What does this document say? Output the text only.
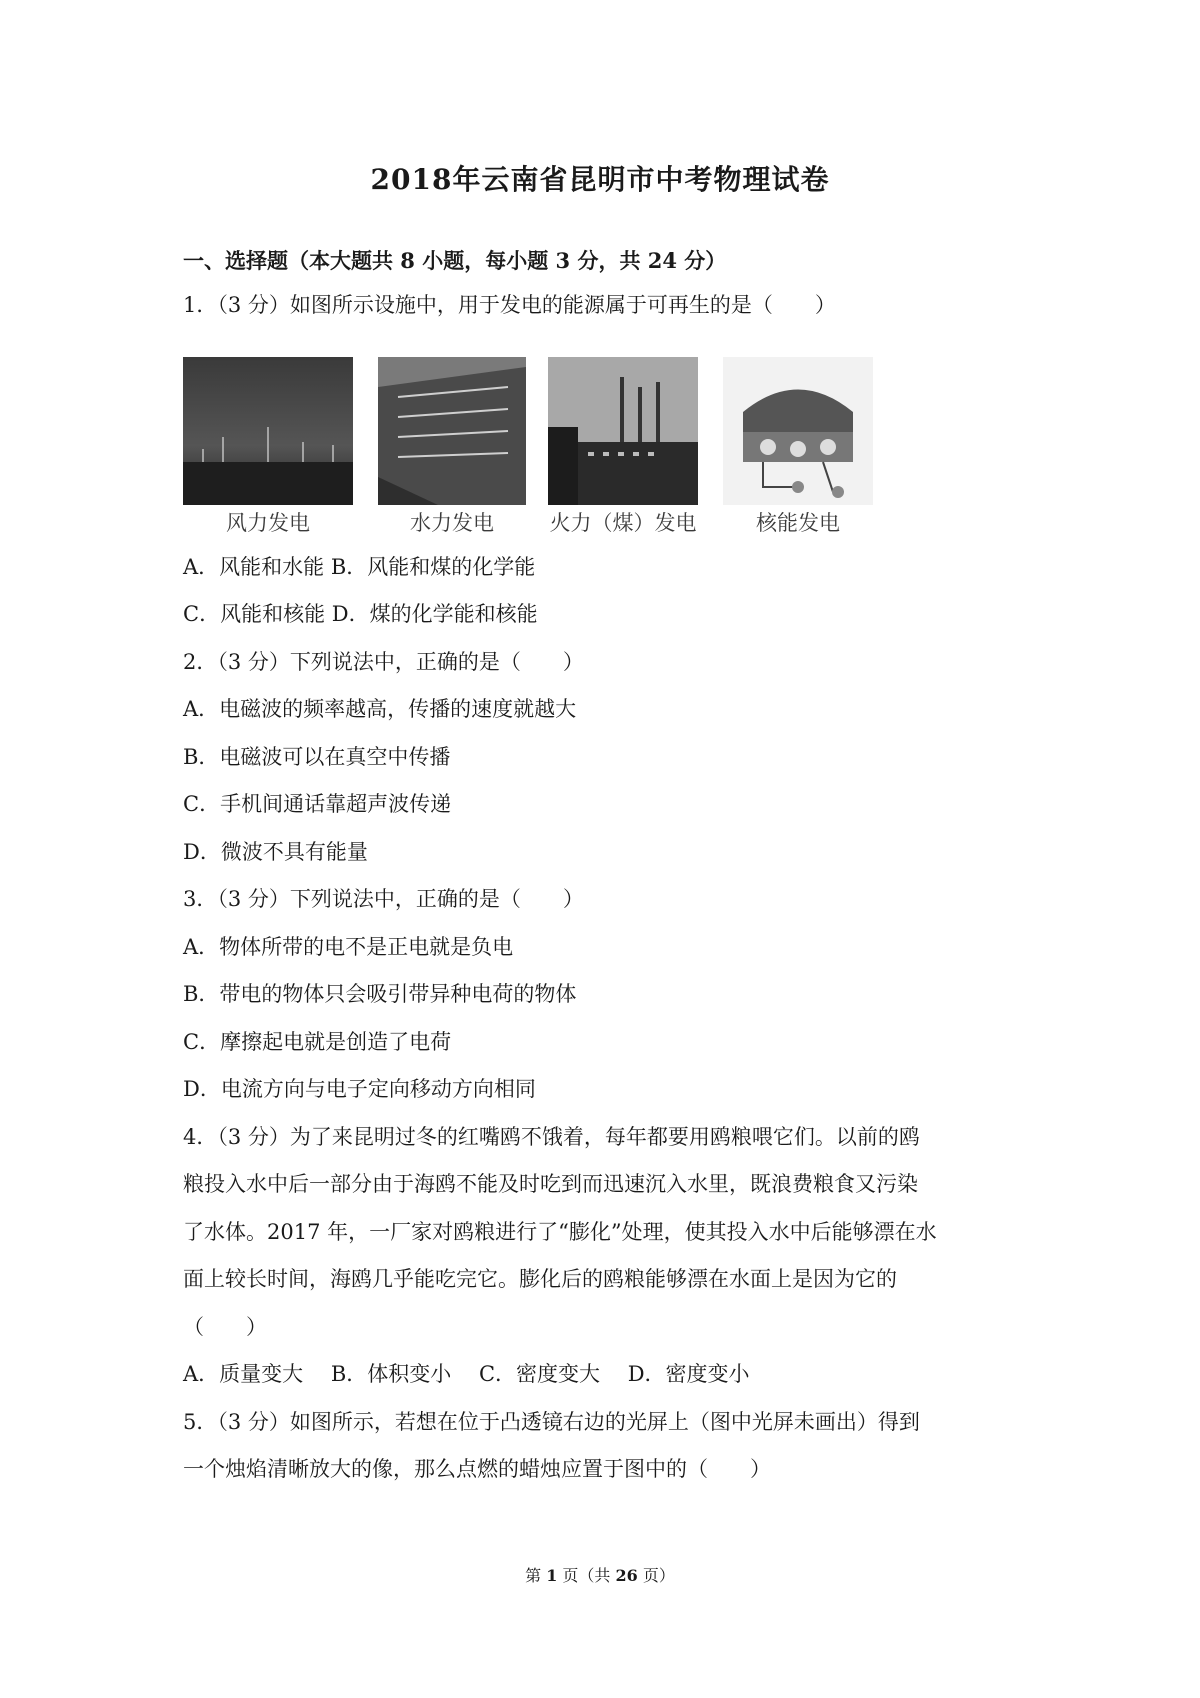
2018年云南省昆明市中考物理试卷
一、选择题（本大题共 8 小题，每小题 3 分，共 24 分）
1．（3 分）如图所示设施中，用于发电的能源属于可再生的是（　　）
风力发电	水力发电	火力（煤）发电	核能发电
A．风能和水能 B．风能和煤的化学能
C．风能和核能 D．煤的化学能和核能
2．（3 分）下列说法中，正确的是（　　）
A．电磁波的频率越高，传播的速度就越大
B．电磁波可以在真空中传播
C．手机间通话靠超声波传递
D．微波不具有能量
3．（3 分）下列说法中，正确的是（　　）
A．物体所带的电不是正电就是负电
B．带电的物体只会吸引带异种电荷的物体
C．摩擦起电就是创造了电荷
D．电流方向与电子定向移动方向相同
4．（3 分）为了来昆明过冬的红嘴鸥不饿着，每年都要用鸥粮喂它们。以前的鸥
粮投入水中后一部分由于海鸥不能及时吃到而迅速沉入水里，既浪费粮食又污染
了水体。2017 年，一厂家对鸥粮进行了“膨化”处理，使其投入水中后能够漂在水
面上较长时间，海鸥几乎能吃完它。膨化后的鸥粮能够漂在水面上是因为它的
（　　）
A．质量变大　 B．体积变小　 C．密度变大　 D．密度变小
5．（3 分）如图所示，若想在位于凸透镜右边的光屏上（图中光屏未画出）得到
一个烛焰清晰放大的像，那么点燃的蜡烛应置于图中的（　　）
第 1 页（共 26 页）
